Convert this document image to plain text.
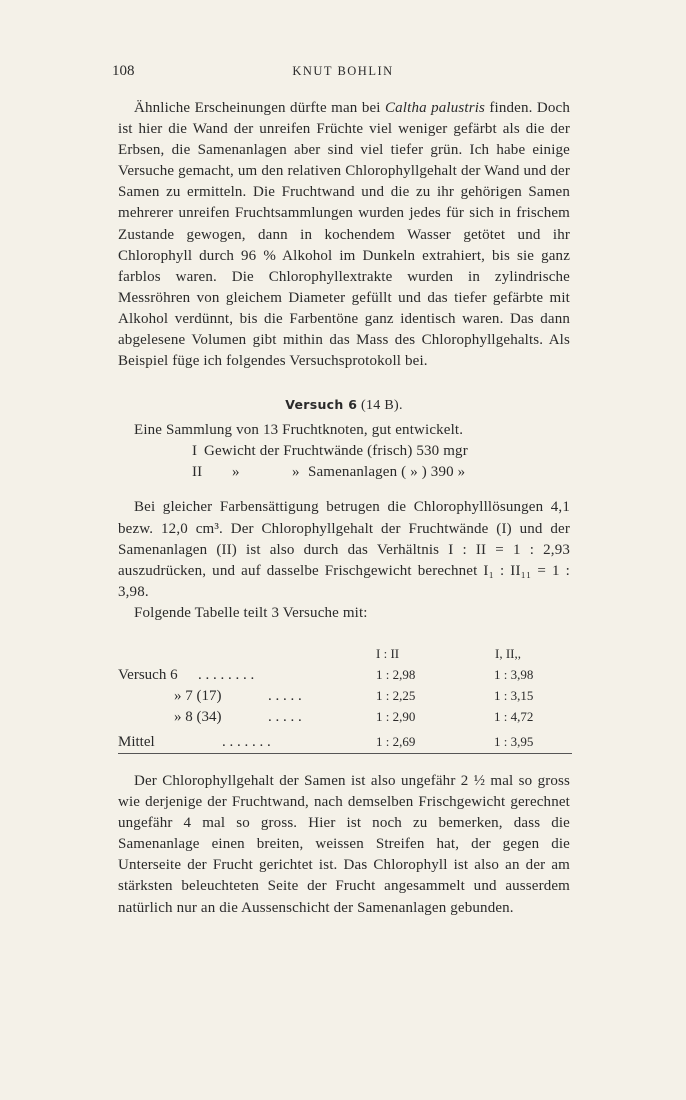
108	KNUT BOHLIN

Ähnliche Erscheinungen dürfte man bei Caltha palustris finden. Doch ist hier die Wand der unreifen Früchte viel weniger gefärbt als die der Erbsen, die Samenanlagen aber sind viel tiefer grün. Ich habe einige Versuche gemacht, um den relativen Chlorophyllgehalt der Wand und der Samen zu ermitteln. Die Fruchtwand und die zu ihr gehörigen Samen mehrerer unreifen Fruchtsammlungen wurden jedes für sich in frischem Zustande gewogen, dann in kochendem Wasser getötet und ihr Chlorophyll durch 96 % Alkohol im Dunkeln extrahiert, bis sie ganz farblos waren. Die Chlorophyllextrakte wurden in zylindrische Messröhren von gleichem Diameter gefüllt und das tiefer gefärbte mit Alkohol verdünnt, bis die Farbentöne ganz identisch waren. Das dann abgelesene Volumen gibt mithin das Mass des Chlorophyllgehalts. Als Beispiel füge ich folgendes Versuchsprotokoll bei.

Versuch 6 (14 B).

Eine Sammlung von 13 Fruchtknoten, gut entwickelt.

I Gewicht der Fruchtwände (frisch) 530 mgr
II »	» Samenanlagen ( » ) 390 »

Bei gleicher Farbensättigung betrugen die Chlorophylllösungen 4,1 bezw. 12,0 cm³. Der Chlorophyllgehalt der Fruchtwände (I) und der Samenanlagen (II) ist also durch das Verhältnis I : II = 1 : 2,93 auszudrücken, und auf dasselbe Frischgewicht berechnet I₁ : II₁₁ = 1 : 3,98.

Folgende Tabelle teilt 3 Versuche mit:

I : II	I, II,,
Versuch 6 . . . . . . . .	1 : 2,98	1 : 3,98
» 7 (17)	. . . . .	1 : 2,25	1 : 3,15
» 8 (34)	. . . . .	1 : 2,90	1 : 4,72
Mittel	. . . . . . .	1 : 2,69	1 : 3,95

Der Chlorophyllgehalt der Samen ist also ungefähr 2 ½ mal so gross wie derjenige der Fruchtwand, nach demselben Frischgewicht gerechnet ungefähr 4 mal so gross. Hier ist noch zu bemerken, dass die Samenanlage einen breiten, weissen Streifen hat, der gegen die Unterseite der Frucht gerichtet ist. Das Chlorophyll ist also an der am stärksten beleuchteten Seite der Frucht angesammelt und ausserdem natürlich nur an die Aussenschicht der Samenanlagen gebunden.
